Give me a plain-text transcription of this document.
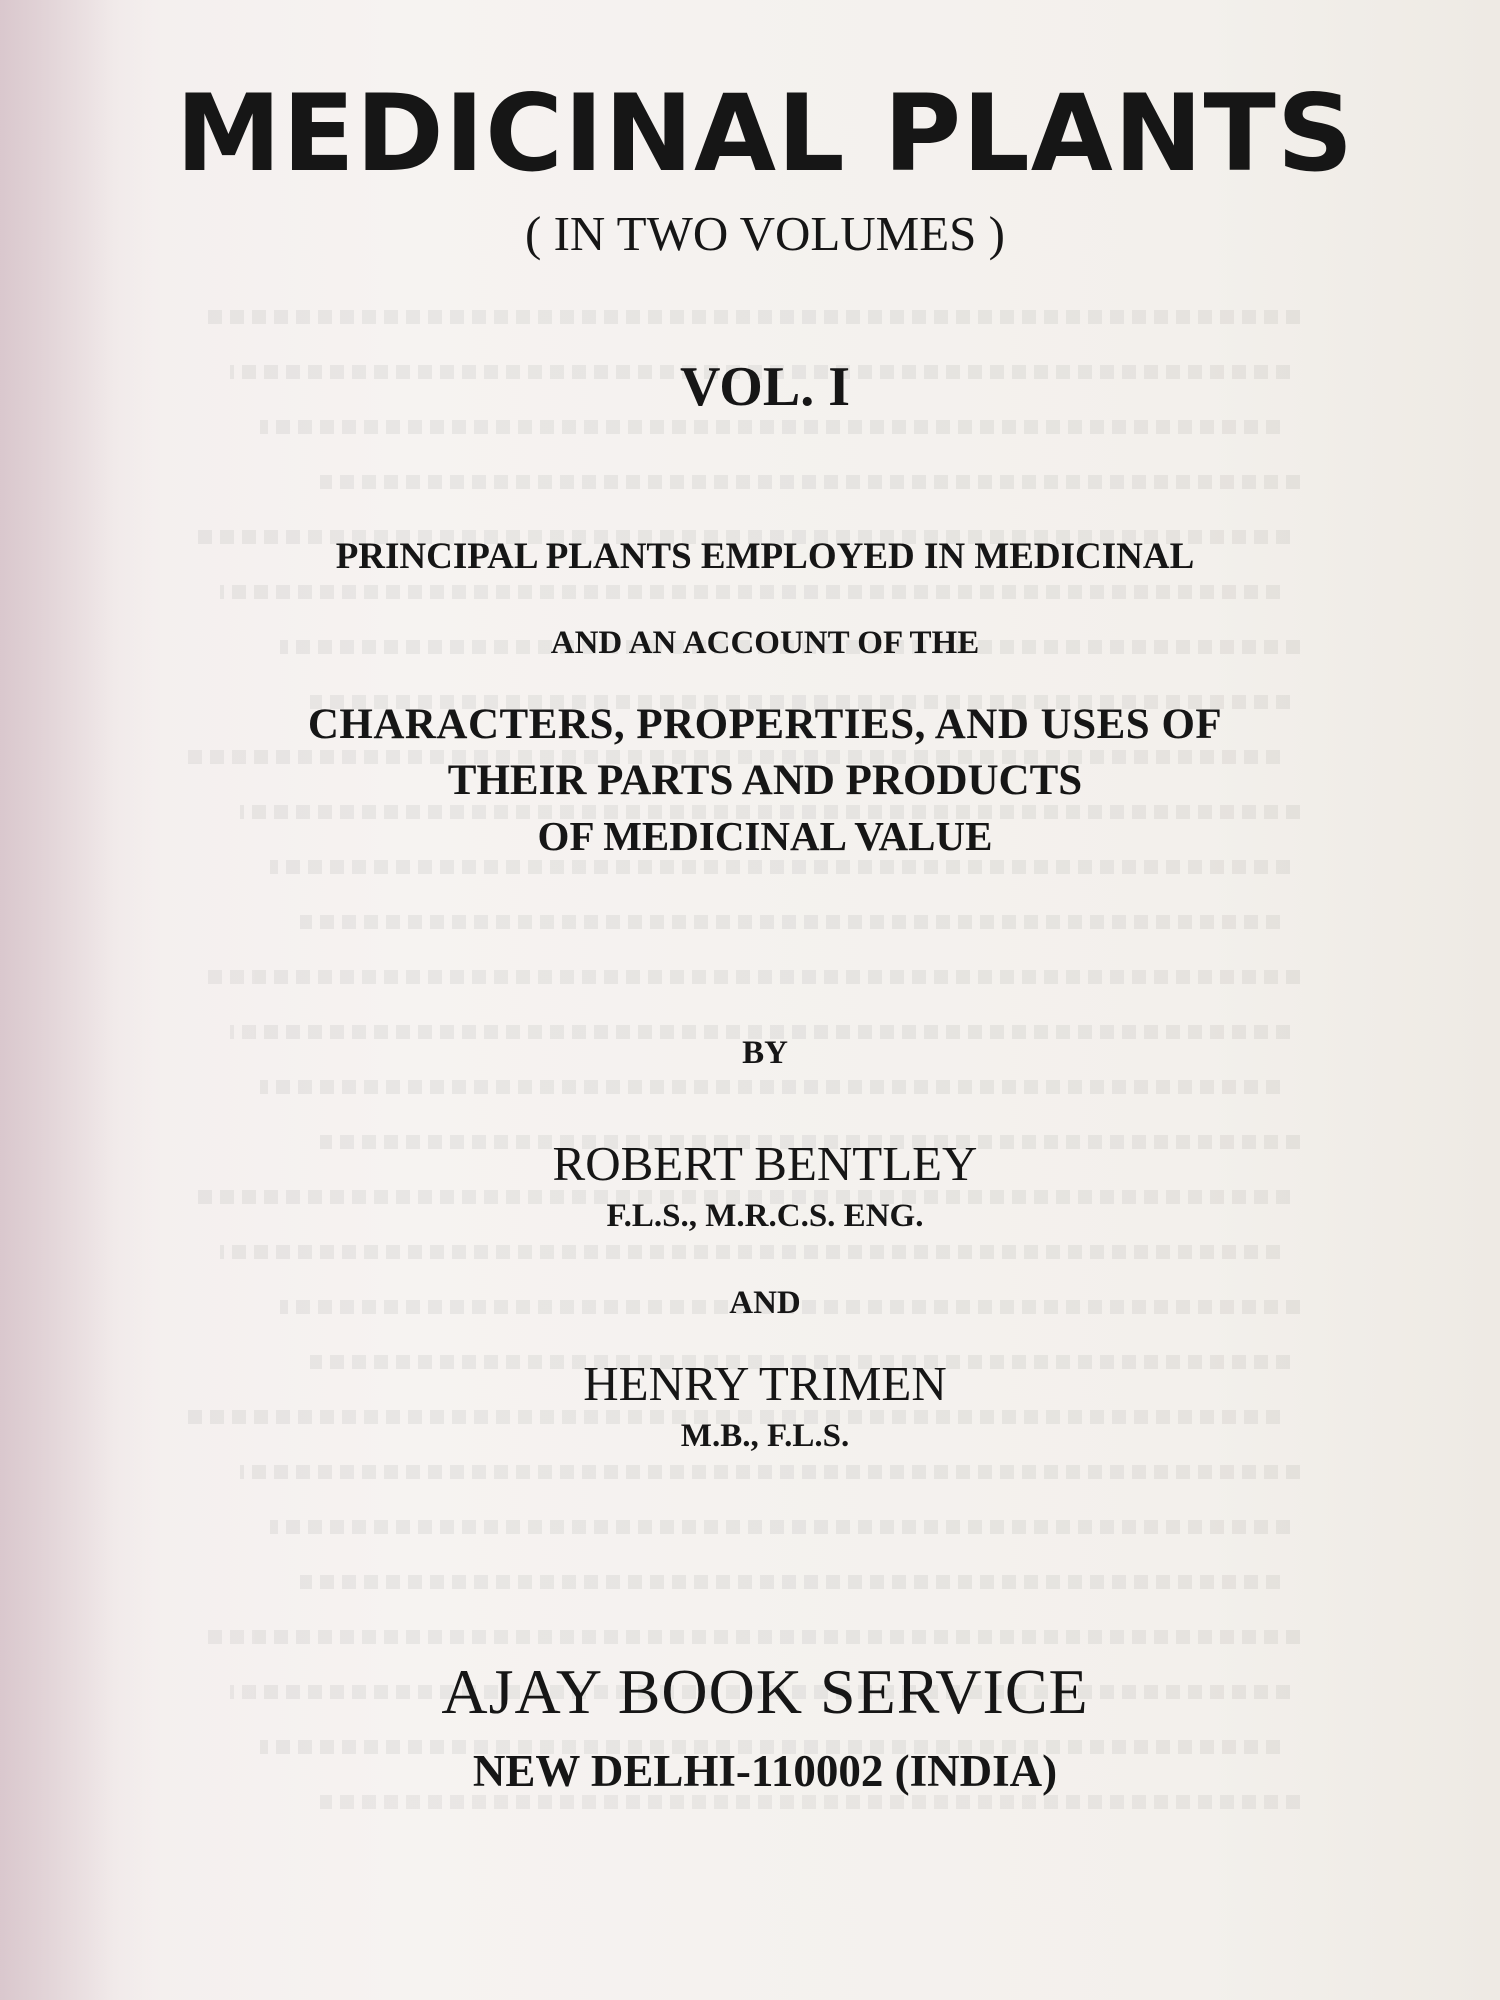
MEDICINAL PLANTS
( IN TWO VOLUMES )
VOL. I
PRINCIPAL PLANTS EMPLOYED IN MEDICINAL
AND AN ACCOUNT OF THE
CHARACTERS, PROPERTIES, AND USES OF
THEIR PARTS AND PRODUCTS
OF MEDICINAL VALUE
BY
ROBERT BENTLEY
F.L.S., M.R.C.S. ENG.
AND
HENRY TRIMEN
M.B., F.L.S.
AJAY BOOK SERVICE
NEW DELHI-110002 (INDIA)
